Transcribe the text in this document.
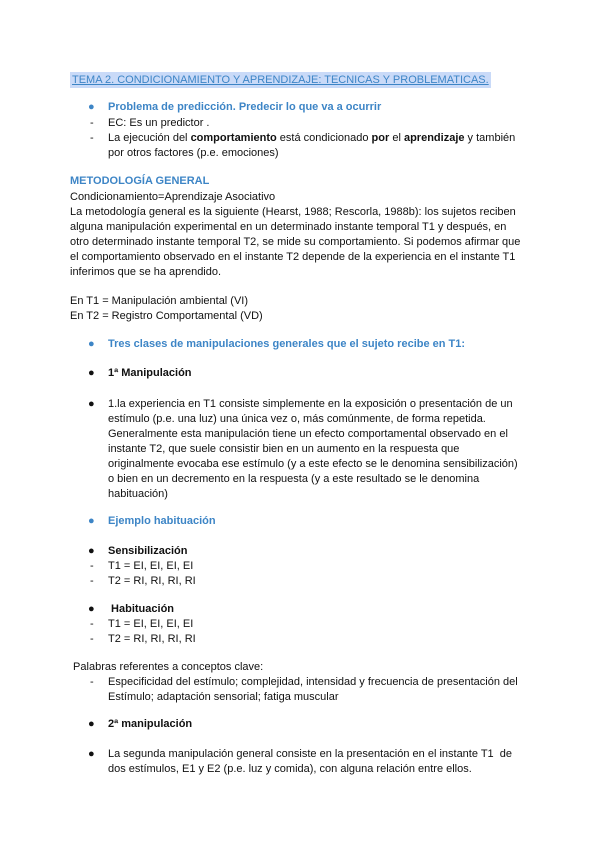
TEMA 2. CONDICIONAMIENTO Y APRENDIZAJE: TECNICAS Y PROBLEMATICAS.
● Problema de predicción. Predecir lo que va a ocurrir
- EC: Es un predictor .
- La ejecución del comportamiento está condicionado por el aprendizaje y también
por otros factores (p.e. emociones)
METODOLOGÍA GENERAL
Condicionamiento=Aprendizaje Asociativo
La metodología general es la siguiente (Hearst, 1988; Rescorla, 1988b): los sujetos reciben
alguna manipulación experimental en un determinado instante temporal T1 y después, en
otro determinado instante temporal T2, se mide su comportamiento. Si podemos afirmar que
el comportamiento observado en el instante T2 depende de la experiencia en el instante T1
inferimos que se ha aprendido.
En T1 = Manipulación ambiental (VI)
En T2 = Registro Comportamental (VD)
● Tres clases de manipulaciones generales que el sujeto recibe en T1:
● 1ª Manipulación
● 1.la experiencia en T1 consiste simplemente en la exposición o presentación de un
estímulo (p.e. una luz) una única vez o, más comúnmente, de forma repetida.
Generalmente esta manipulación tiene un efecto comportamental observado en el
instante T2, que suele consistir bien en un aumento en la respuesta que
originalmente evocaba ese estímulo (y a este efecto se le denomina sensibilización)
o bien en un decremento en la respuesta (y a este resultado se le denomina
habituación)
● Ejemplo habituación
● Sensibilización
- T1 = EI, EI, EI, EI
- T2 = RI, RI, RI, RI
● Habituación
- T1 = EI, EI, EI, EI
- T2 = RI, RI, RI, RI
Palabras referentes a conceptos clave:
- Especificidad del estímulo; complejidad, intensidad y frecuencia de presentación del
Estímulo; adaptación sensorial; fatiga muscular
● 2ª manipulación
● La segunda manipulación general consiste en la presentación en el instante T1  de
dos estímulos, E1 y E2 (p.e. luz y comida), con alguna relación entre ellos.
